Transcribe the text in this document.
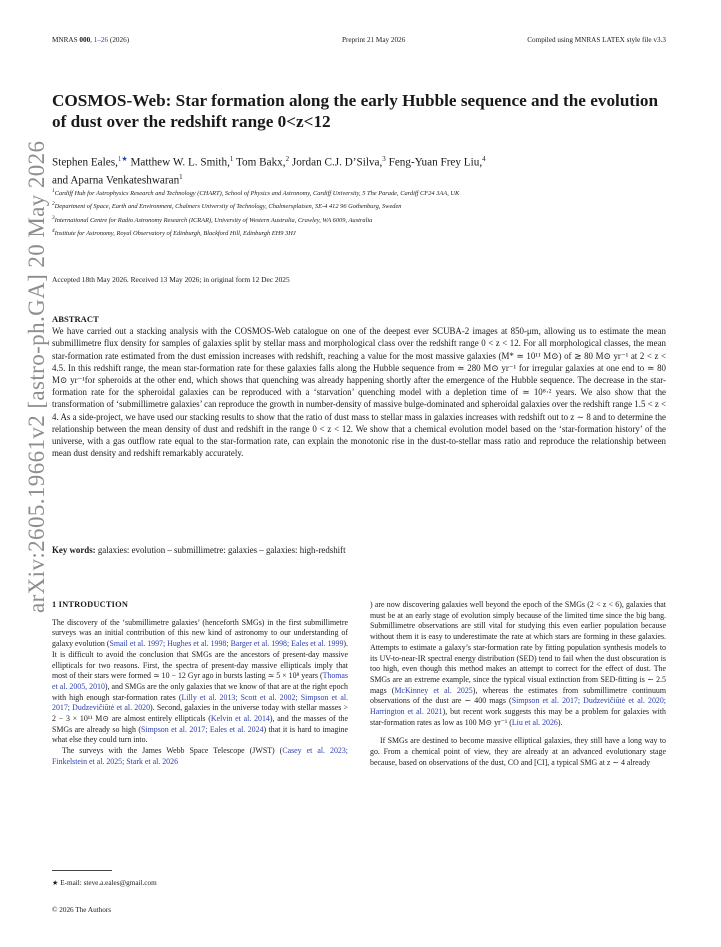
MNRAS 000, 1–26 (2026)	Preprint 21 May 2026	Compiled using MNRAS LATEX style file v3.3
arXiv:2605.19661v2 [astro-ph.GA] 20 May 2026
COSMOS-Web: Star formation along the early Hubble sequence and the evolution of dust over the redshift range 0<z<12
Stephen Eales,$^{1★}$ Matthew W. L. Smith,$^1$ Tom Bakx,$^2$ Jordan C.J. D’Silva,$^3$ Feng-Yuan Frey Liu,$^4$
and Aparna Venkateshwaran$^1$
$^1$Cardiff Hub for Astrophysics Research and Technology (CHART), School of Physics and Astronomy, Cardiff University, 5 The Parade, Cardiff CF24 3AA, UK
$^2$Department of Space, Earth and Environment, Chalmers University of Technology, Chalmersplatsen, SE-4 412 96 Gothenburg, Sweden
$^3$International Centre for Radio Astronomy Research (ICRAR), University of Western Australia, Crawley, WA 6009, Australia
$^4$Institute for Astronomy, Royal Observatory of Edinburgh, Blackford Hill, Edinburgh EH9 3HJ
Accepted 18th May 2026. Received 13 May 2026; in original form 12 Dec 2025
ABSTRACT
We have carried out a stacking analysis with the COSMOS-Web catalogue on one of the deepest ever SCUBA-2 images at 850-μm, allowing us to estimate the mean submillimetre flux density for samples of galaxies split by stellar mass and morphological class over the redshift range 0 < z < 12. For all morphological classes, the mean star-formation rate estimated from the dust emission increases with redshift, reaching a value for the most massive galaxies (M* ≃ 10¹¹ M⊙) of ≳ 80 M⊙ yr⁻¹ at 2 < z < 4.5. In this redshift range, the mean star-formation rate for these galaxies falls along the Hubble sequence from ≃ 280 M⊙ yr⁻¹ for irregular galaxies at one end to ≃ 80 M⊙ yr⁻¹for spheroids at the other end, which shows that quenching was already happening shortly after the emergence of the Hubble sequence. The decrease in the star-formation rate for the spheroidal galaxies can be reproduced with a ‘starvation’ quenching model with a depletion time of ≃ 10⁸·² years. We also show that the transformation of ‘submillimetre galaxies’ can reproduce the growth in number-density of massive bulge-dominated and spheroidal galaxies over the redshift range 1.5 < z < 4. As a side-project, we have used our stacking results to show that the ratio of dust mass to stellar mass in galaxies increases with redshift out to z ∼ 8 and to determine the relationship between the mean density of dust and redshift in the range 0 < z < 12. We show that a chemical evolution model based on the ‘star-formation history’ of the universe, with a gas outflow rate equal to the star-formation rate, can explain the monotonic rise in the dust-to-stellar mass ratio and reproduce the relationship between mean dust density and redshift remarkably accurately.
Key words: galaxies: evolution – submillimetre: galaxies – galaxies: high-redshift
1 INTRODUCTION

The discovery of the ‘submillimetre galaxies’ (henceforth SMGs) in the first submillimetre surveys was an initial contribution of this new kind of astronomy to our understanding of galaxy evolution (Smail et al. 1997; Hughes et al. 1998; Barger et al. 1998; Eales et al. 1999). It is difficult to avoid the conclusion that SMGs are the ancestors of present-day massive ellipticals for two reasons. First, the spectra of present-day massive ellipticals imply that most of their stars were formed ≃ 10 − 12 Gyr ago in bursts lasting ≃ 5 × 10⁸ years (Thomas et al. 2005, 2010), and SMGs are the only galaxies that we know of that are at the right epoch with high enough star-formation rates (Lilly et al. 2013; Scott et al. 2002; Simpson et al. 2017; Dudzevičiūtė et al. 2020). Second, galaxies in the universe today with stellar masses > 2 − 3 × 10¹¹ M⊙ are almost entirely ellipticals (Kelvin et al. 2014), and the masses of the SMGs are already so high (Simpson et al. 2017; Eales et al. 2024) that it is hard to imagine what else they could turn into.

The surveys with the James Webb Space Telescope (JWST) (Casey et al. 2023; Finkelstein et al. 2025; Stark et al. 2026

) are now discovering galaxies well beyond the epoch of the SMGs (2 < z < 6), galaxies that must be at an early stage of evolution simply because of the limited time since the big bang. Submillimetre observations are still vital for studying this even earlier population because without them it is easy to underestimate the rate at which stars are forming in these galaxies. Attempts to estimate a galaxy’s star-formation rate by fitting population synthesis models to its UV-to-near-IR spectral energy distribution (SED) tend to fail when the dust obscuration is too high, even though this method makes an attempt to correct for the effect of dust. The SMGs are an extreme example, since the typical visual extinction from SED-fitting is ∼ 2.5 mags (McKinney et al. 2025), whereas the estimates from submillimetre continuum observations of the dust are ∼ 400 mags (Simpson et al. 2017; Dudzevičiūtė et al. 2020; Harrington et al. 2021), but recent work suggests this may be a problem for galaxies with star-formation rates as low as 100 M⊙ yr⁻¹ (Liu et al. 2026).

If SMGs are destined to become massive elliptical galaxies, they still have a long way to go. From a chemical point of view, they are already at an advanced evolutionary stage because, based on observations of the dust, CO and [CI], a typical SMG at z ∼ 4 already

★ E-mail: steve.a.eales@gmail.com
© 2026 The Authors
